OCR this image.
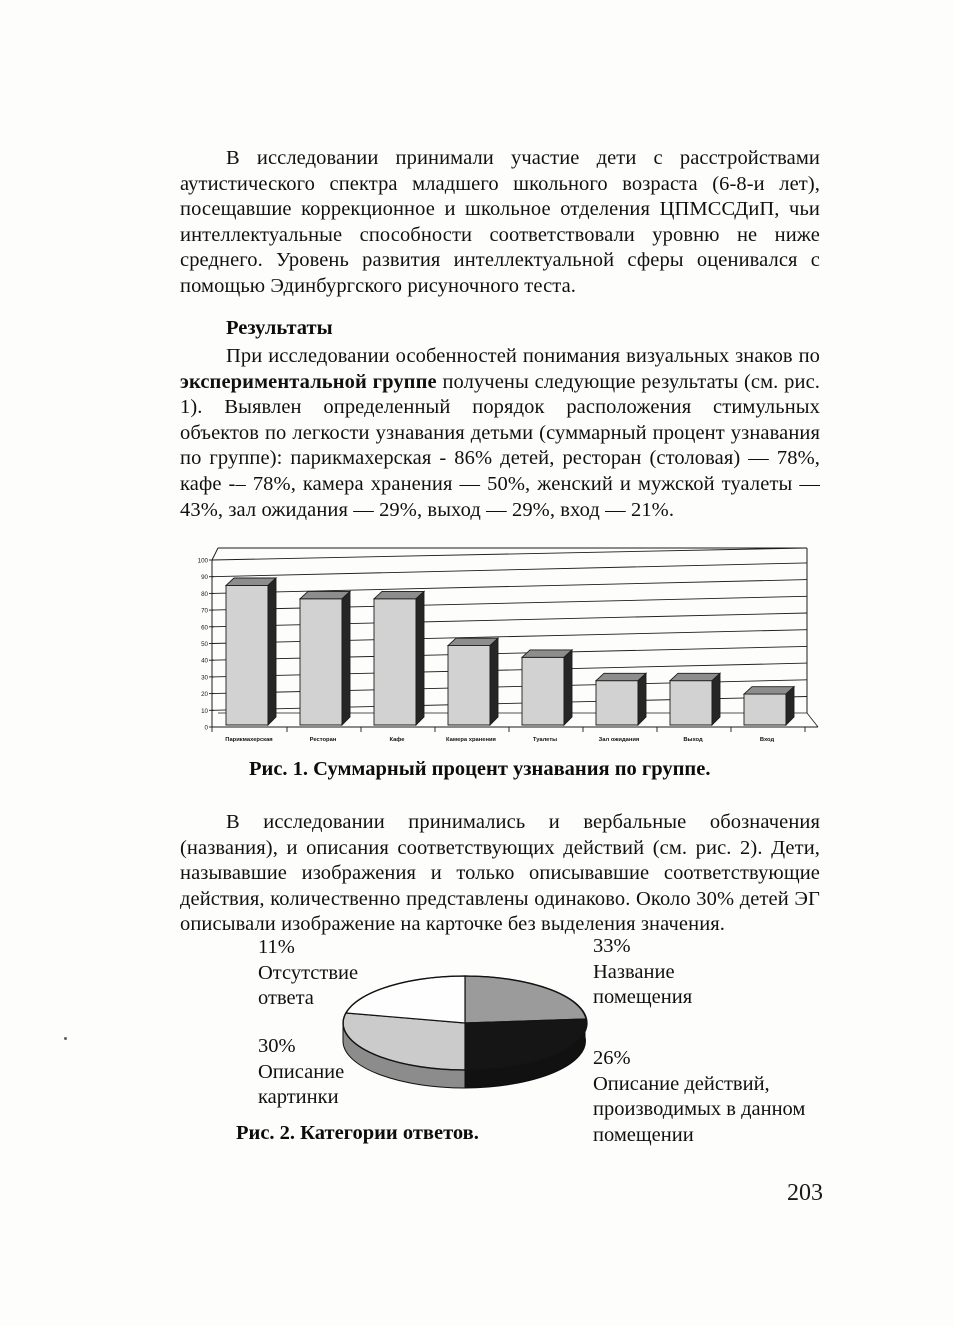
В исследовании принимали участие дети с расстройствами аутистического спектра младшего школьного возраста (6-8-и лет), посещавшие коррекционное и школьное отделения ЦПМССДиП, чьи интеллектуальные способности соответствовали уровню не ниже среднего. Уровень развития интеллектуальной сферы оценивался с помощью Эдинбургского рисуночного теста.

Результаты

При исследовании особенностей понимания визуальных знаков по экспериментальной группе получены следующие результаты (см. рис. 1). Выявлен определенный порядок расположения стимульных объектов по легкости узнавания детьми (суммарный процент узнавания по группе): парикмахерская - 86% детей, ресторан (столовая) — 78%, кафе -– 78%, камера хранения — 50%, женский и мужской туалеты — 43%, зал ожидания — 29%, выход — 29%, вход — 21%.

0
10
20
30
40
50
60
70
80
90
100
Парикмахерская	Ресторан	Кафе	Камера хранения	Туалеты	Зал ожидания	Выход	Вход
Рис. 1. Суммарный процент узнавания по группе.

В исследовании принимались и вербальные обозначения (названия), и описания соответствующих действий (см. рис. 2). Дети, называвшие изображения и только описывавшие соответствующие действия, количественно представлены одинаково. Около 30% детей ЭГ описывали изображение на карточке без выделения значения.

11%
Отсутствие
ответа
30%
Описание
картинки
33%
Название
помещения
26%
Описание действий,
производимых в данном
помещении
Рис. 2. Категории ответов.
203
